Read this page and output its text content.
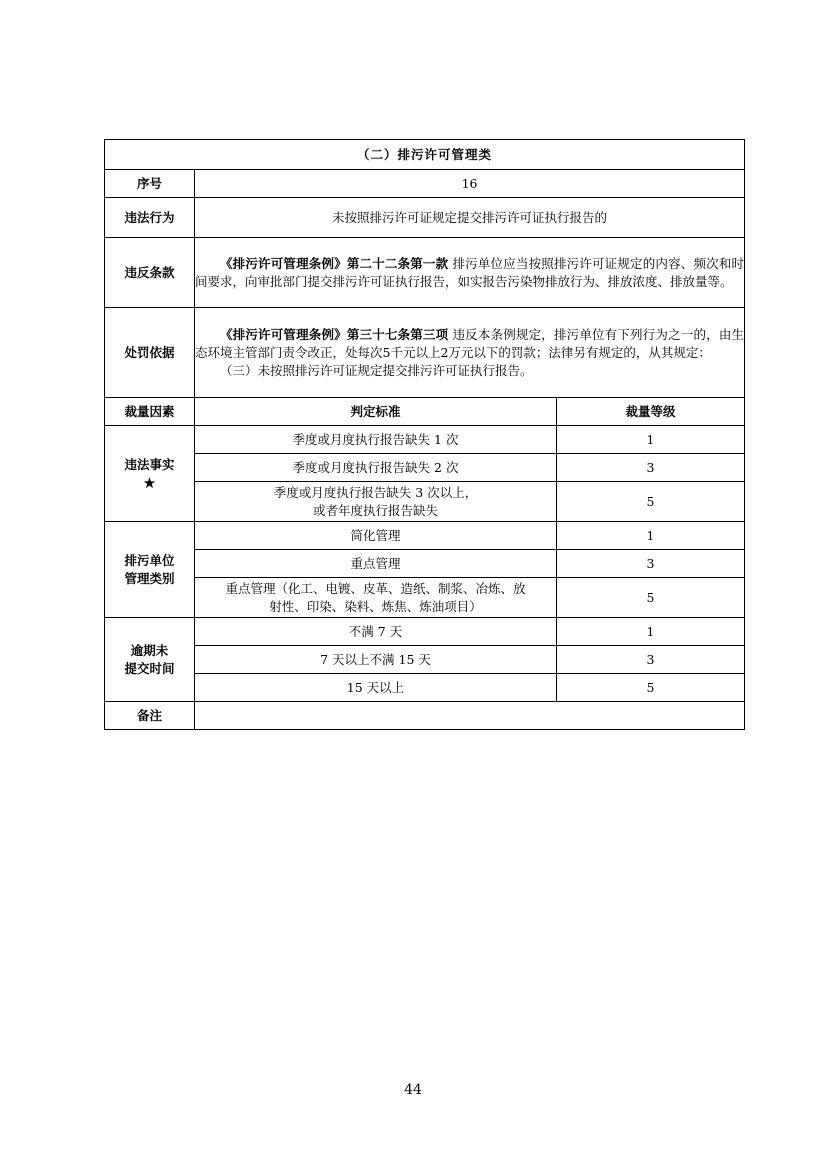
（二）排污许可管理类		
序号	16	
违法行为	未按照排污许可证规定提交排污许可证执行报告的	
违反条款	《排污许可管理条例》第二十二条第一款 排污单位应当按照排污许可证规定的内容、频次和时间要求，向审批部门提交排污许可证执行报告，如实报告污染物排放行为、排放浓度、排放量等。	

处罚依据	《排污许可管理条例》第三十七条第三项 违反本条例规定，排污单位有下列行为之一的，由生态环境主管部门责令改正，处每次5千元以上2万元以下的罚款；法律另有规定的，从其规定：
（三）未按照排污许可证规定提交排污许可证执行报告。	

裁量因素	判定标准	裁量等级
违法事实
★	季度或月度执行报告缺失 1 次	1
	季度或月度执行报告缺失 2 次	3
	季度或月度执行报告缺失 3 次以上，
或者年度执行报告缺失	5
排污单位
管理类别	简化管理	1
	重点管理	3
	重点管理（化工、电镀、皮革、造纸、制浆、冶炼、放
射性、印染、染料、炼焦、炼油项目）	5
逾期未
提交时间	不满 7 天	1
	7 天以上不满 15 天	3
	15 天以上	5
备注		
44
